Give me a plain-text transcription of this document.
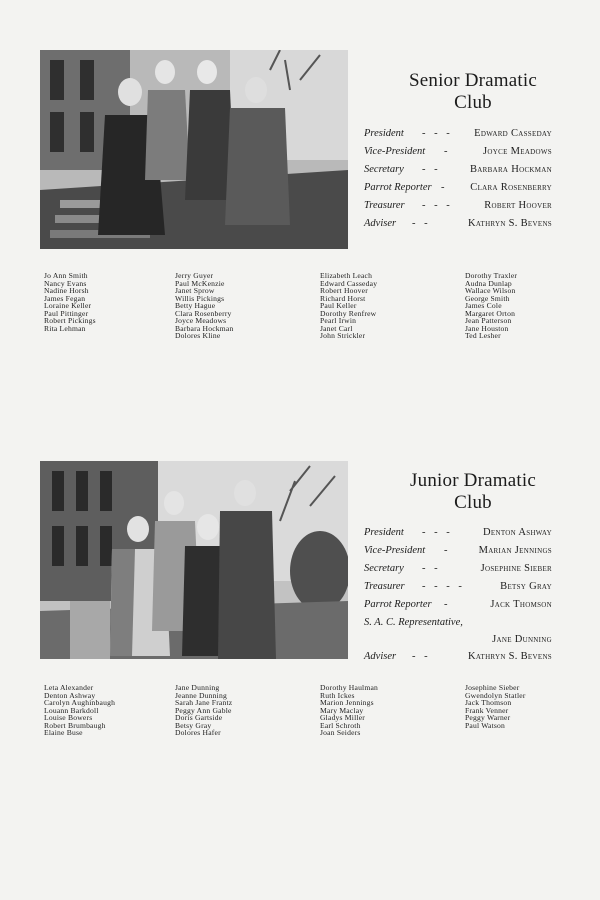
Senior Dramatic
Club
President - - - Edward Casseday
Vice-President -	Joyce Meadows
Secretary - -	Barbara Hockman
Parrot Reporter - Clara Rosenberry
Treasurer - - -	Robert Hoover
Adviser - -	Kathryn S. Bevens
Jo Ann Smith
Nancy Evans
Nadine Horsh
James Fegan
Loraine Keller
Paul Pittinger
Robert Pickings
Rita Lehman
Jerry Guyer
Paul McKenzie
Janet Sprow
Willis Pickings
Betty Hague
Clara Rosenberry
Joyce Meadows
Barbara Hockman
Dolores Kline
Elizabeth Leach
Edward Casseday
Robert Hoover
Richard Horst
Paul Keller
Dorothy Renfrew
Pearl Irwin
Janet Carl
John Strickler
Dorothy Traxler
Audna Dunlap
Wallace Wilson
George Smith
James Cole
Margaret Orton
Jean Patterson
Jane Houston
Ted Lesher
Junior Dramatic
Club
President - - -	Denton Ashway
Vice-President -	Marian Jennings
Secretary - -	Josephine Sieber
Treasurer - - - -	Betsy Gray
Parrot Reporter -	Jack Thomson
S. A. C. Representative,
Jane Dunning
Adviser - -	Kathryn S. Bevens
Leta Alexander
Denton Ashway
Carolyn Aughinbaugh
Louann Barkdoll
Louise Bowers
Robert Brumbaugh
Elaine Buse
Jane Dunning
Jeanne Dunning
Sarah Jane Frantz
Peggy Ann Gable
Doris Gartside
Betsy Gray
Dolores Hafer
Dorothy Haulman
Ruth Ickes
Marion Jennings
Mary Maclay
Gladys Miller
Earl Schroth
Joan Seiders
Josephine Sieber
Gwendolyn Statler
Jack Thomson
Frank Venner
Peggy Warner
Paul Watson
